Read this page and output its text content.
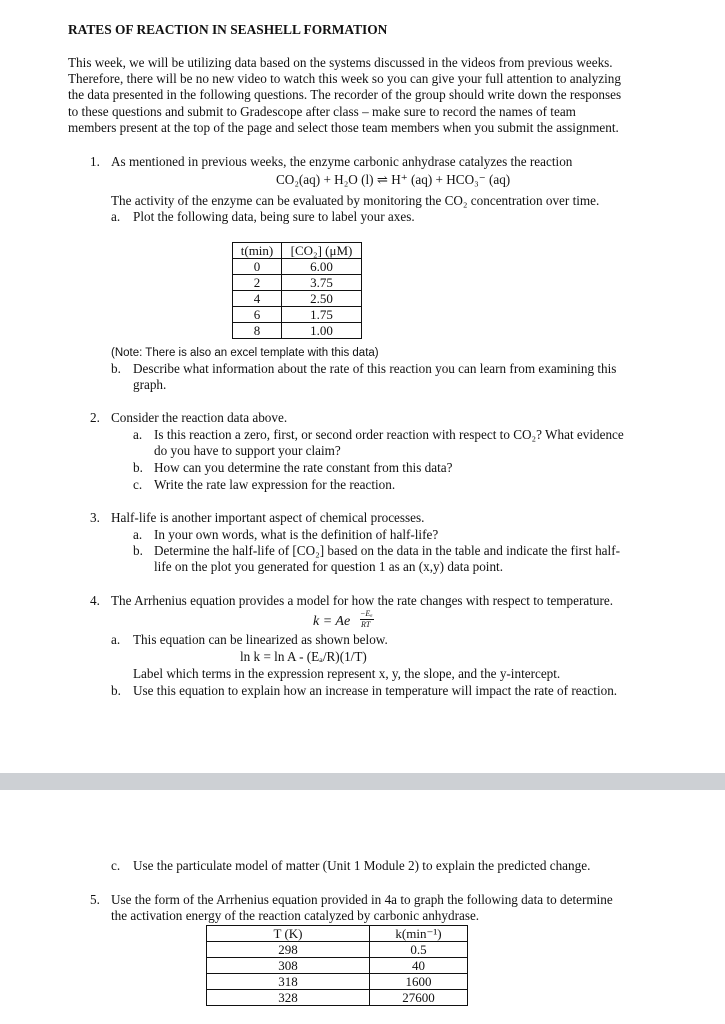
RATES OF REACTION IN SEASHELL FORMATION
This week, we will be utilizing data based on the systems discussed in the videos from previous weeks.
Therefore, there will be no new video to watch this week so you can give your full attention to analyzing
the data presented in the following questions. The recorder of the group should write down the responses
to these questions and submit to Gradescope after class – make sure to record the names of team
members present at the top of the page and select those team members when you submit the assignment.
1. As mentioned in previous weeks, the enzyme carbonic anhydrase catalyzes the reaction
CO₂(aq) + H₂O (l) ⇌ H⁺ (aq) + HCO₃⁻ (aq)
The activity of the enzyme can be evaluated by monitoring the CO₂ concentration over time.
a. Plot the following data, being sure to label your axes.
t(min)	[CO₂] (μM)
0	6.00
2	3.75
4	2.50
6	1.75
8	1.00
(Note: There is also an excel template with this data)
b. Describe what information about the rate of this reaction you can learn from examining this
graph.
2. Consider the reaction data above.
a. Is this reaction a zero, first, or second order reaction with respect to CO₂? What evidence
do you have to support your claim?
b. How can you determine the rate constant from this data?
c. Write the rate law expression for the reaction.
3. Half-life is another important aspect of chemical processes.
a. In your own words, what is the definition of half-life?
b. Determine the half-life of [CO₂] based on the data in the table and indicate the first half-
life on the plot you generated for question 1 as an (x,y) data point.
4. The Arrhenius equation provides a model for how the rate changes with respect to temperature.
k = Ae
−Eₐ
RT
a. This equation can be linearized as shown below.
ln k = ln A - (Eₐ/R)(1/T)
Label which terms in the expression represent x, y, the slope, and the y-intercept.
b. Use this equation to explain how an increase in temperature will impact the rate of reaction.
c. Use the particulate model of matter (Unit 1 Module 2) to explain the predicted change.
5. Use the form of the Arrhenius equation provided in 4a to graph the following data to determine
the activation energy of the reaction catalyzed by carbonic anhydrase.
T (K)	k(min⁻¹)
298	0.5
308	40
318	1600
328	27600
